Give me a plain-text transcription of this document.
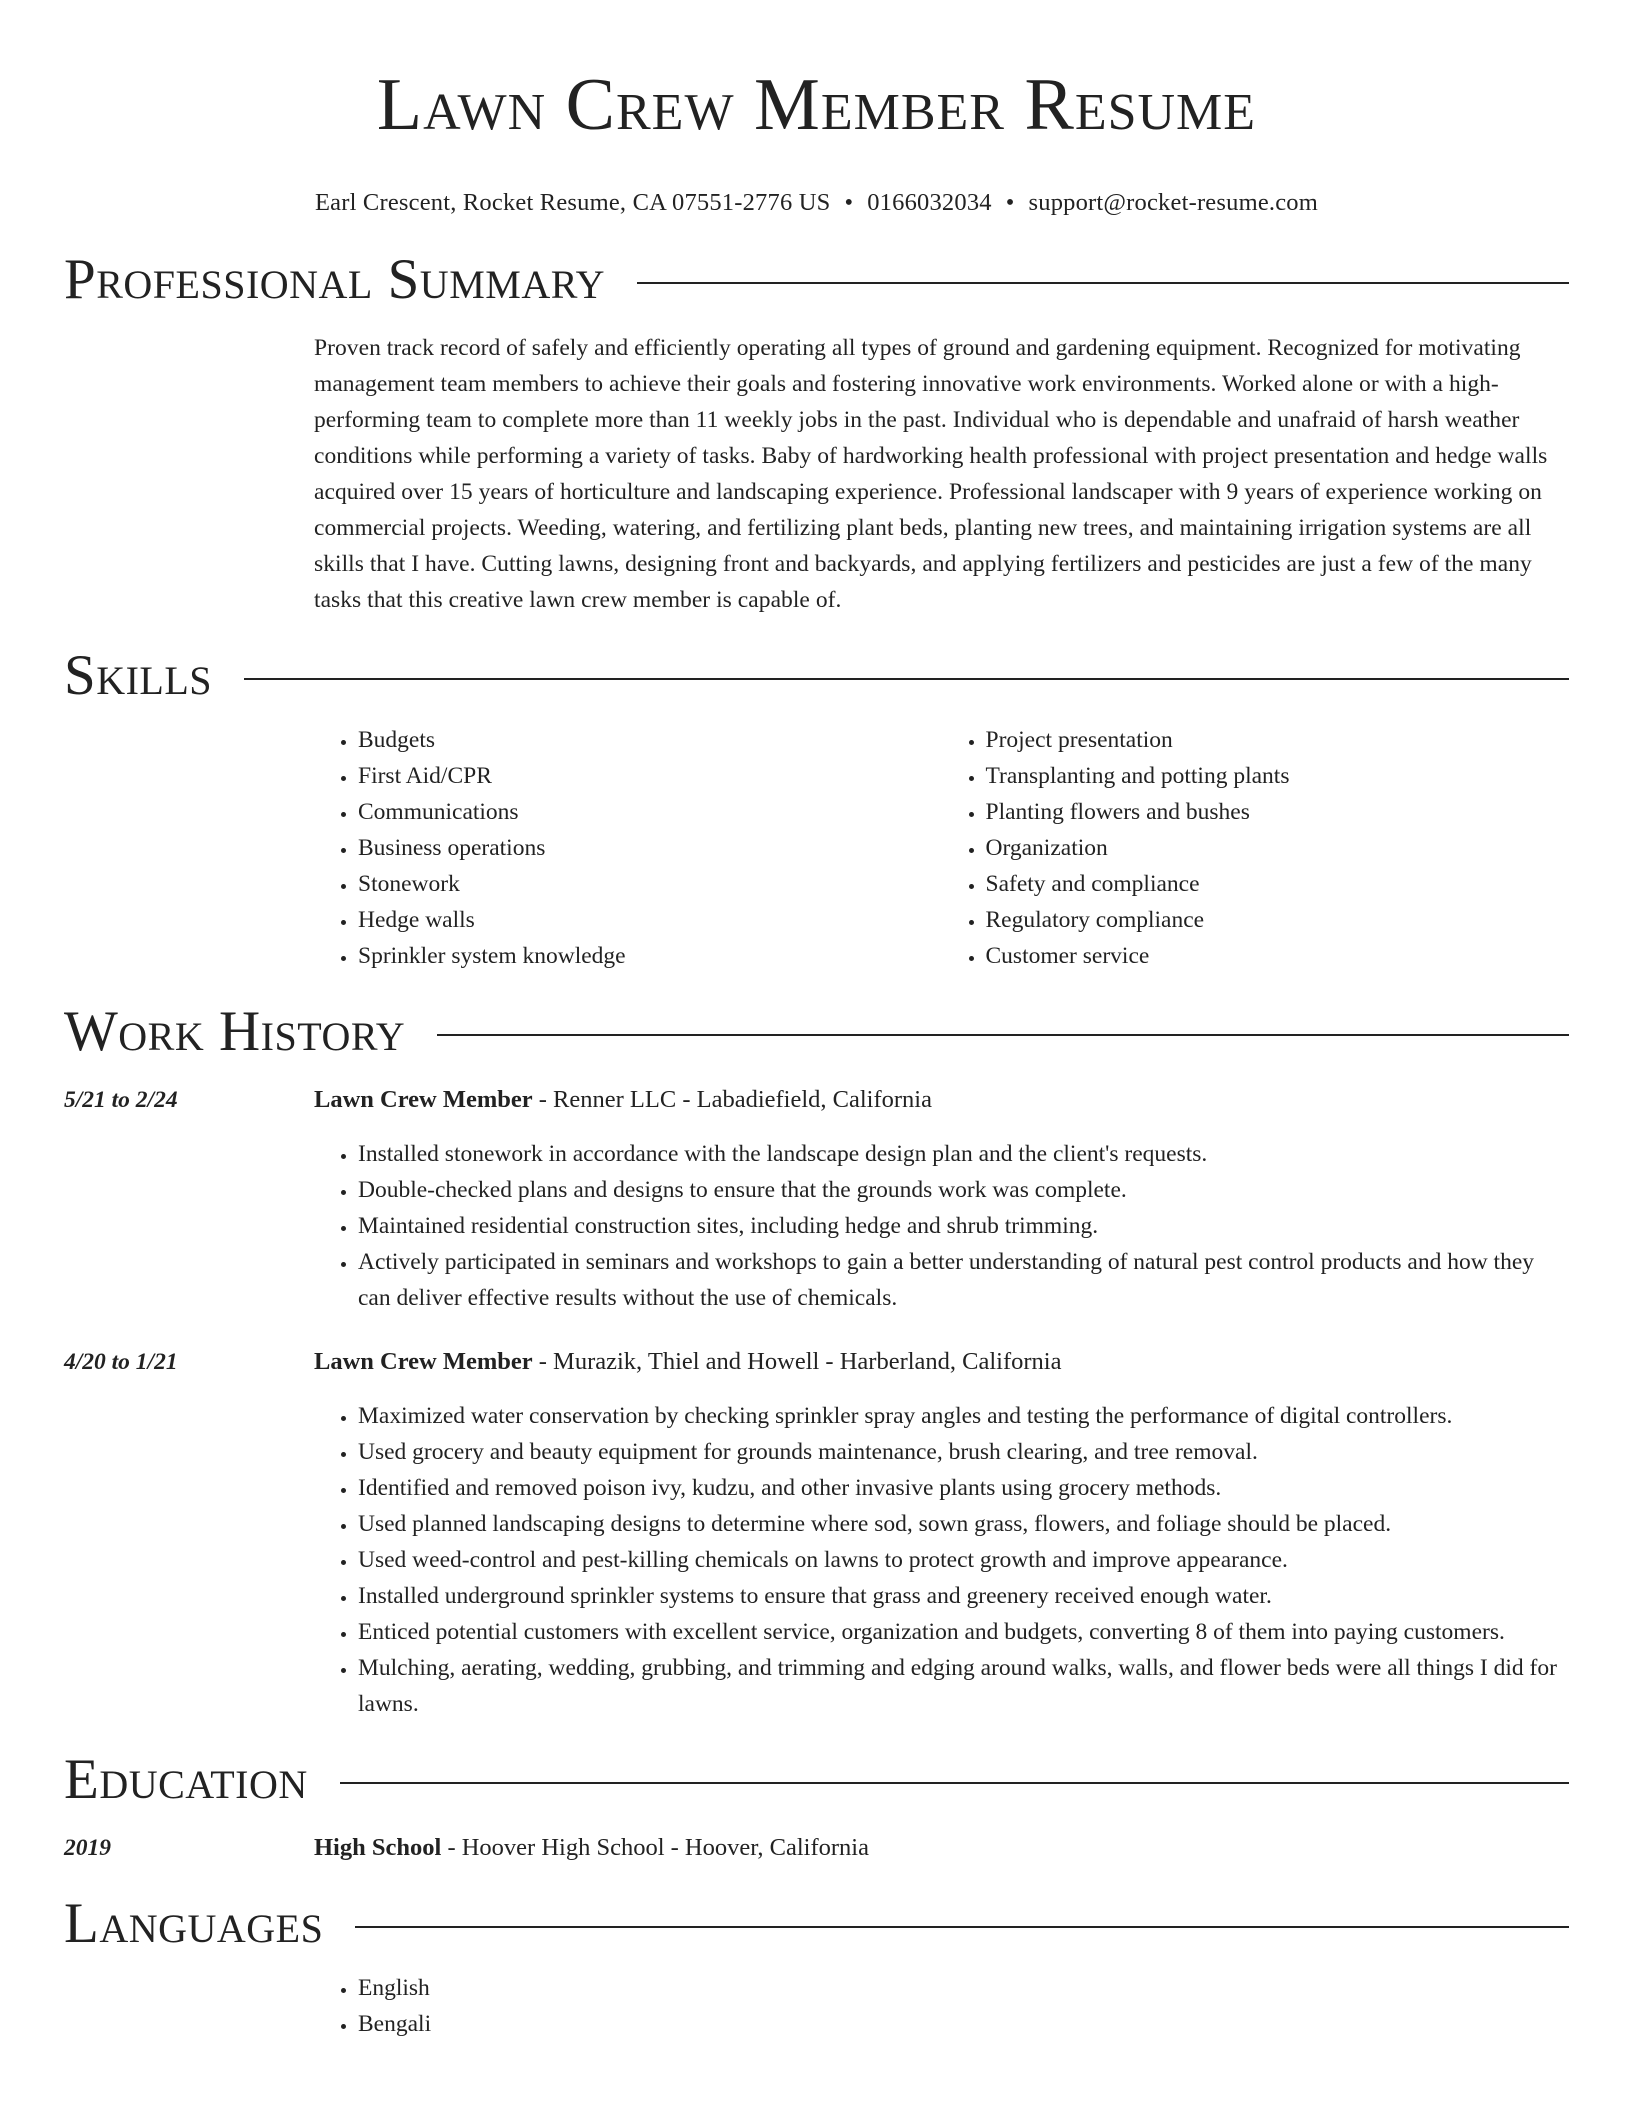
Lawn Crew Member Resume
Earl Crescent, Rocket Resume, CA 07551-2776 US • 0166032034 • support@rocket-resume.com
Professional Summary
Proven track record of safely and efficiently operating all types of ground and gardening equipment. Recognized for motivating management team members to achieve their goals and fostering innovative work environments. Worked alone or with a high-performing team to complete more than 11 weekly jobs in the past. Individual who is dependable and unafraid of harsh weather conditions while performing a variety of tasks. Baby of hardworking health professional with project presentation and hedge walls acquired over 15 years of horticulture and landscaping experience. Professional landscaper with 9 years of experience working on commercial projects. Weeding, watering, and fertilizing plant beds, planting new trees, and maintaining irrigation systems are all skills that I have. Cutting lawns, designing front and backyards, and applying fertilizers and pesticides are just a few of the many tasks that this creative lawn crew member is capable of.
Skills
• Budgets
• First Aid/CPR
• Communications
• Business operations
• Stonework
• Hedge walls
• Sprinkler system knowledge
• Project presentation
• Transplanting and potting plants
• Planting flowers and bushes
• Organization
• Safety and compliance
• Regulatory compliance
• Customer service
Work History
5/21 to 2/24	Lawn Crew Member - Renner LLC - Labadiefield, California
• Installed stonework in accordance with the landscape design plan and the client's requests.
• Double-checked plans and designs to ensure that the grounds work was complete.
• Maintained residential construction sites, including hedge and shrub trimming.
• Actively participated in seminars and workshops to gain a better understanding of natural pest control products and how they can deliver effective results without the use of chemicals.
4/20 to 1/21	Lawn Crew Member - Murazik, Thiel and Howell - Harberland, California
• Maximized water conservation by checking sprinkler spray angles and testing the performance of digital controllers.
• Used grocery and beauty equipment for grounds maintenance, brush clearing, and tree removal.
• Identified and removed poison ivy, kudzu, and other invasive plants using grocery methods.
• Used planned landscaping designs to determine where sod, sown grass, flowers, and foliage should be placed.
• Used weed-control and pest-killing chemicals on lawns to protect growth and improve appearance.
• Installed underground sprinkler systems to ensure that grass and greenery received enough water.
• Enticed potential customers with excellent service, organization and budgets, converting 8 of them into paying customers.
• Mulching, aerating, wedding, grubbing, and trimming and edging around walks, walls, and flower beds were all things I did for lawns.
Education
2019	High School - Hoover High School - Hoover, California
Languages
• English
• Bengali
